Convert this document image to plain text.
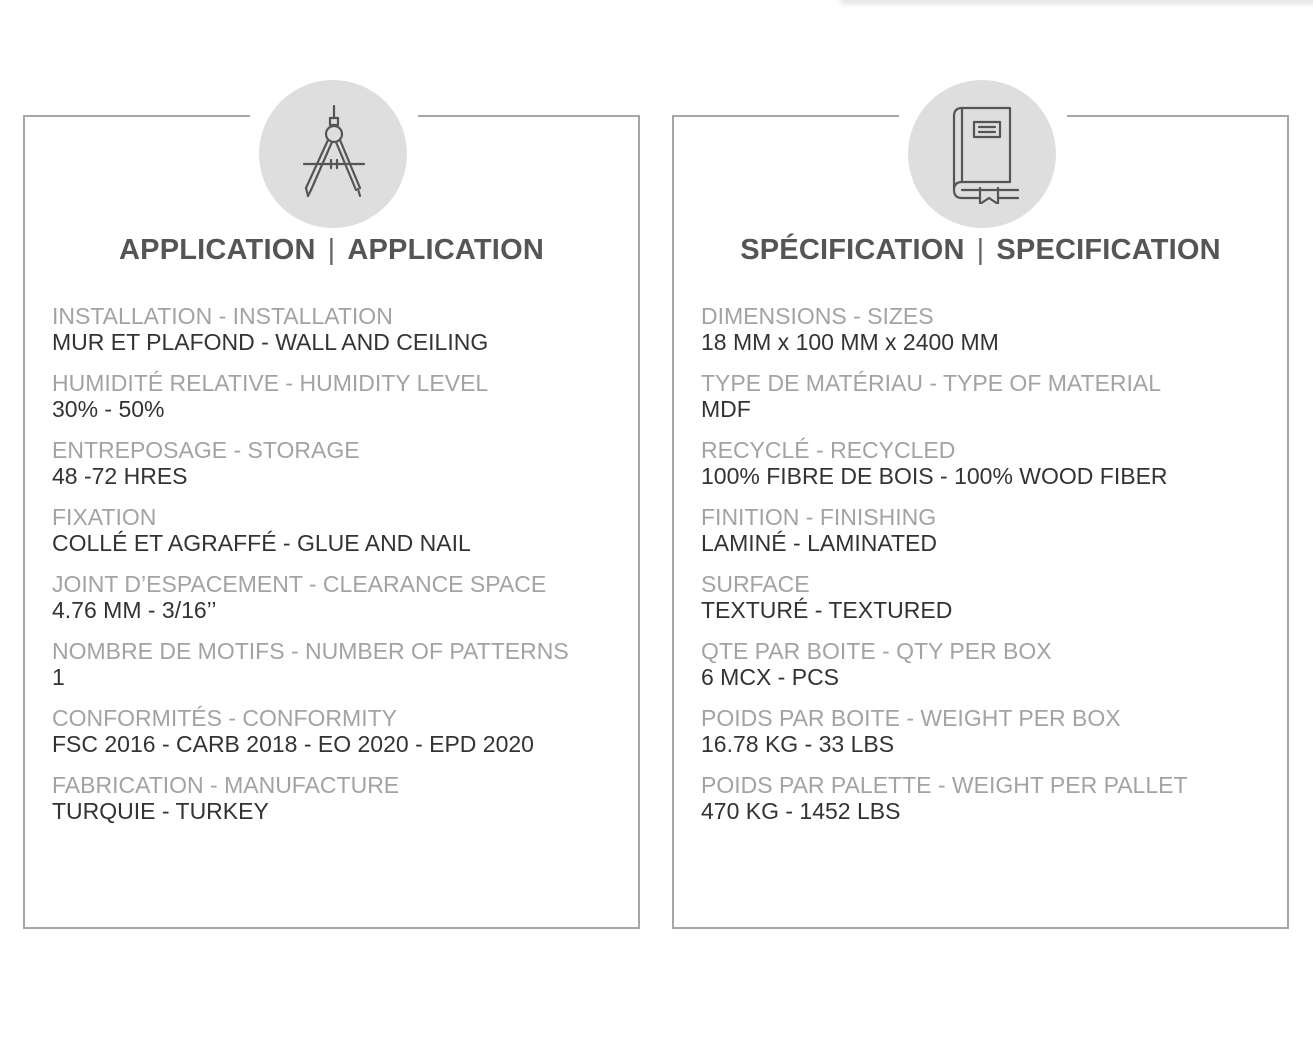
APPLICATION | APPLICATION
INSTALLATION - INSTALLATION
MUR ET PLAFOND - WALL AND CEILING
HUMIDITÉ RELATIVE - HUMIDITY LEVEL
30% - 50%
ENTREPOSAGE - STORAGE
48 -72 HRES
FIXATION
COLLÉ ET AGRAFFÉ - GLUE AND NAIL
JOINT D’ESPACEMENT - CLEARANCE SPACE
4.76 MM - 3/16’’
NOMBRE DE MOTIFS - NUMBER OF PATTERNS
1
CONFORMITÉS - CONFORMITY
FSC 2016 - CARB 2018 - EO 2020 - EPD 2020
FABRICATION - MANUFACTURE
TURQUIE - TURKEY
SPÉCIFICATION | SPECIFICATION
DIMENSIONS - SIZES
18 MM x 100 MM x 2400 MM
TYPE DE MATÉRIAU - TYPE OF MATERIAL
MDF
RECYCLÉ - RECYCLED
100% FIBRE DE BOIS - 100% WOOD FIBER
FINITION - FINISHING
LAMINÉ - LAMINATED
SURFACE
TEXTURÉ - TEXTURED
QTE PAR BOITE - QTY PER BOX
6 MCX - PCS
POIDS PAR BOITE - WEIGHT PER BOX
16.78 KG - 33 LBS
POIDS PAR PALETTE - WEIGHT PER PALLET
470 KG - 1452 LBS
